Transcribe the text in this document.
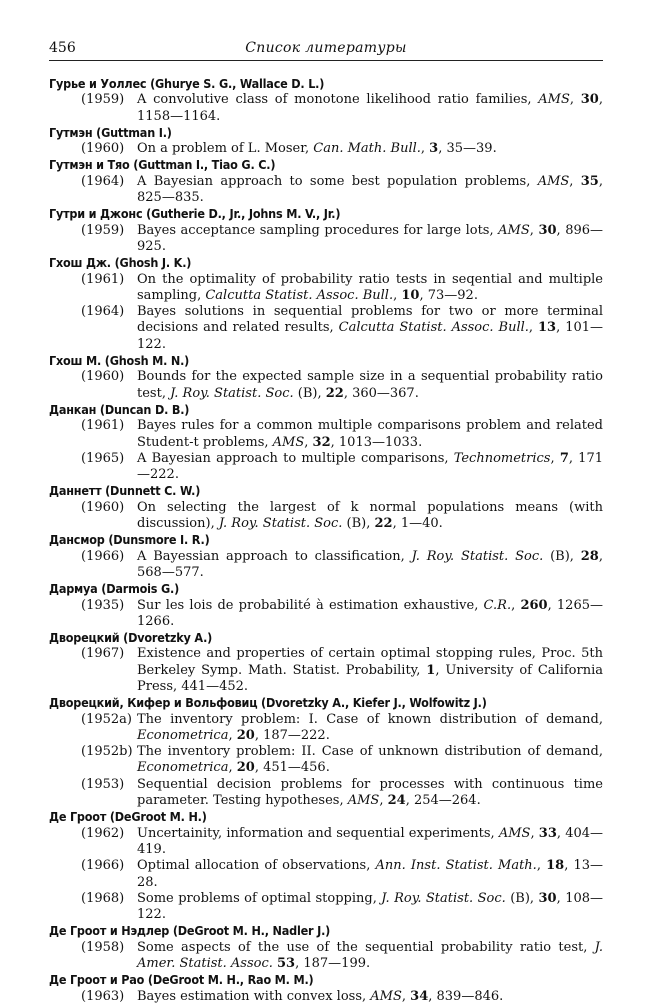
456	Список литературы
Гурье и Уоллес (Ghurye S. G., Wallace D. L.)
(1959) A convolutive class of monotone likelihood ratio families, AMS, 30, 1158—1164.
Гутмэн (Guttman I.)
(1960) On a problem of L. Moser, Can. Math. Bull., 3, 35—39.
Гутмэн и Тяо (Guttman I., Tiao G. C.)
(1964) A Bayesian approach to some best population problems, AMS, 35, 825—835.
Гутри и Джонс (Gutherie D., Jr., Johns M. V., Jr.)
(1959) Bayes acceptance sampling procedures for large lots, AMS, 30, 896—925.
Гхош Дж. (Ghosh J. K.)
(1961) On the optimality of probability ratio tests in seqential and multiple sampling, Calcutta Statist. Assoc. Bull., 10, 73—92.
(1964) Bayes solutions in sequential problems for two or more terminal decisions and related results, Calcutta Statist. Assoc. Bull., 13, 101—122.
Гхош М. (Ghosh M. N.)
(1960) Bounds for the expected sample size in a sequential probability ratio test, J. Roy. Statist. Soc. (B), 22, 360—367.
Данкан (Duncan D. B.)
(1961) Bayes rules for a common multiple comparisons problem and related Student-t problems, AMS, 32, 1013—1033.
(1965) A Bayesian approach to multiple comparisons, Technometrics, 7, 171—222.
Даннетт (Dunnett C. W.)
(1960) On selecting the largest of k normal populations means (with discussion), J. Roy. Statist. Soc. (B), 22, 1—40.
Дансмор (Dunsmore I. R.)
(1966) A Bayessian approach to classification, J. Roy. Statist. Soc. (B), 28, 568—577.
Дармуа (Darmois G.)
(1935) Sur les lois de probabilité à estimation exhaustive, C.R., 260, 1265—1266.
Дворецкий (Dvoretzky A.)
(1967) Existence and properties of certain optimal stopping rules, Proc. 5th Berkeley Symp. Math. Statist. Probability, 1, University of California Press, 441—452.
Дворецкий, Кифер и Вольфовиц (Dvoretzky A., Kiefer J., Wolfowitz J.)
(1952a) The inventory problem: I. Case of known distribution of demand, Econometrica, 20, 187—222.
(1952b) The inventory problem: II. Case of unknown distribution of demand, Econometrica, 20, 451—456.
(1953) Sequential decision problems for processes with continuous time parameter. Testing hypotheses, AMS, 24, 254—264.
Де Гроот (DeGroot M. H.)
(1962) Uncertainity, information and sequential experiments, AMS, 33, 404—419.
(1966) Optimal allocation of observations, Ann. Inst. Statist. Math., 18, 13—28.
(1968) Some problems of optimal stopping, J. Roy. Statist. Soc. (B), 30, 108—122.
Де Гроот и Нэдлер (DeGroot M. H., Nadler J.)
(1958) Some aspects of the use of the sequential probability ratio test, J. Amer. Statist. Assoc. 53, 187—199.
Де Гроот и Рао (DeGroot M. H., Rao M. M.)
(1963) Bayes estimation with convex loss, AMS, 34, 839—846.
